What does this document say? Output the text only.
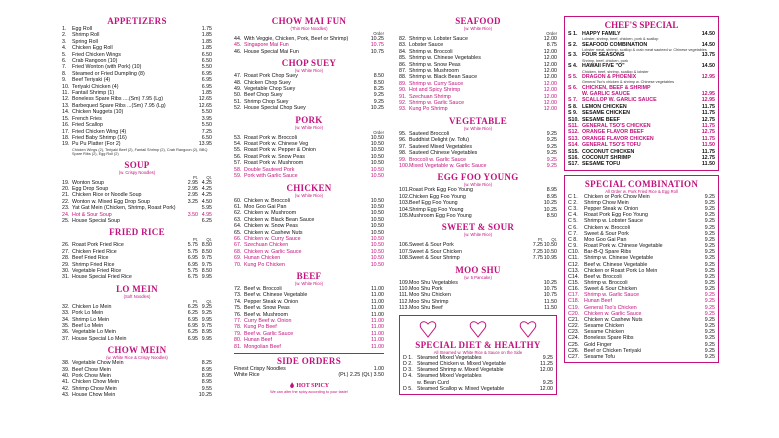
APPETIZERS
1.	Egg Roll	1.75
2.	Shrimp Roll	1.85
3.	Spring Roll	1.85
4.	Chicken Egg Roll	1.85
5.	Fried Chicken Wings	6.50
6.	Crab Rangoon (10)	6.50
7.	Fried Wonton (with Pork) (10)	5.50
8.	Steamed or Fried Dumpling (8)	6.95
9.	Beef Teriyaki (4)	6.95
10. Teriyaki Chicken (4)	6.95
11. Fantail Shrimp (1)	1.85
12. Boneless Spare Ribs ....(Sm) 7.95 (Lg)	12.65
13. Barbequed Spare Ribs ...(Sm) 7.95 (Lg)	12.65
14. Chicken Nuggets (10)	5.50
15. French Fries	3.95
16. Fried Scallop	5.50
17. Fried Chicken Wing (4)	7.25
18. Fried Baby Shrimp (16)	6.50
19. Pu Pu Platter (For 2)	13.95
Chicken Wings (2), Teriyaki Beef (2), Fantail Shrimp (2), Crab Rangoon (2), BBQ Spare Ribs (2), Egg Roll (2)
SOUP
(w. Crispy Noodles)
Pt.	Qt.
19. Wonton Soup	2.95 4.25
20. Egg Drop Soup	2.95 4.25
21. Chicken Rice or Noodle Soup	2.95 4.25
22. Wonton w. Mixed Egg Drop Soup	3.25 4.50
23. Yat Gat Mein (Chicken, Shrimp, Roast Pork)	5.95
24. Hot & Sour Soup	3.50 4.95
25. House Special Soup	6.25
FRIED RICE
Pt.	Qt.
26. Roast Pork Fried Rice	5.75 8.50
27. Chicken Fried Rice	5.75 8.50
28. Beef Fried Rice	6.95 9.75
29. Shrimp Fried Rice	6.95 9.75
30. Vegetable Fried Rice	5.75 8.50
31. House Special Fried Rice	6.75 9.95
LO MEIN
(Soft Noodles)
Pt.	Qt.
32. Chicken Lo Mein	6.25 9.25
33. Pork Lo Mein	6.25 9.25
34. Shrimp Lo Mein	6.95 9.95
35. Beef Lo Mein	6.95 9.75
36. Vegetable Lo Mein	6.25 8.95
37. House Special Lo Mein	6.95 9.95
CHOW MEIN
(w. White Rice & Crispy Noodles)
38. Vegetable Chow Mein	8.25
39. Beef Chow Mein	8.95
40. Pork Chow Mein	8.95
41. Chicken Chow Mein	8.95
42. Shrimp Chow Mein	9.55
43. House Chow Mein	10.25
CHOW MAI FUN
(Thin Rice Noodles)
Order
44. With Veggie, Chicken, Pork, Beef or Shrimp)	10.25
45. Singapore Mai Fun	10.75
46. House Special Mai Fun	10.75
CHOP SUEY
(w. White Rice)
47. Roast Pork Chop Suey	8.50
48. Chicken Chop Suey	8.50
49. Vegetable Chop Suey	8.25
50. Beef Chop Suey	9.25
51. Shrimp Chop Suey	9.25
52. House Special Chop Suey	10.25
PORK
(w. White Rice)
Order
53. Roast Pork w. Broccoli	10.50
54. Roast Pork w. Chinese Veg	10.50
55. Roast Pork w. Pepper & Onion	10.50
56. Roast Pork w. Snow Peas	10.50
57. Roast Pork w. Mushroom	10.50
58. Double Sauteed Pork	10.50
59. Pork with Garlic Sauce	10.50
CHICKEN
(w. White Rice)
60. Chicken w. Broccoli	10.50
61. Moo Goo Gai Pan	10.50
62. Chicken w. Mushroom	10.50
63. Chicken w. Black Bean Sauce	10.50
64. Chicken w. Snow Peas	10.50
65. Chicken w. Cashew Nuts	10.50
66. Chicken w. Curry Sauce	10.50
67. Szechuan Chicken	10.50
68. Chicken w. Garlic Sauce	10.50
69. Hunan Chicken	10.50
70. Kung Po Chicken	10.50
BEEF
(w. White Rice)
72. Beef w. Broccoli	11.00
73. Beef w. Chinese Vegetable	11.00
74. Pepper Steak w. Onion	11.00
75. Beef w. Snow Peas	11.00
76. Beef w. Mushroom	11.00
77. Curry Beef w. Onion	11.00
78. Kung Po Beef	11.00
79. Beef w. Garlic Sauce	11.00
80. Hunan Beef	11.00
81. Mongolian Beef	11.00
SIDE ORDERS
Finest Crispy Noodles	1.00
White Rice	(Pt.) 2.25 (Qt.) 3.50
HOT SPICY
We can alter the spicy according to your taste!
SEAFOOD
(w. White Rice)
Order
82. Shrimp w. Lobster Sauce	12.00
83. Lobster Sauce	8.75
84. Shrimp w. Broccoli	12.00
85. Shrimp w. Chinese Vegetables	12.00
86. Shrimp w. Snow Peas	12.00
87. Shrimp w. Mushroom	12.00
88. Shrimp w. Black Bean Sauce	12.00
89. Shrimp w. Curry Sauce	12.00
90. Hot and Spicy Shrimp	12.00
91. Szechuan Shrimp	12.00
92. Shrimp w. Garlic Sauce	12.00
93. Kung Po Shrimp	12.00
VEGETABLE
(w. White Rice)
95. Sauteed Broccoli	9.25
96. Buddhist Delight (w. Tofu)	9.25
97. Sauteed Mixed Vegetables	9.25
98. Sauteed Chinese Vegetables	9.25
99. Broccoli w. Garlic Sauce	9.25
100. Mixed Vegetable w. Garlic Sauce	9.25
EGG FOO YOUNG
(w. White Rice)
101. Roast Pork Egg Foo Young	8.95
102. Chicken Egg Foo Young	8.95
103. Beef Egg Foo Young	10.25
104. Shrimp Egg Foo Young	10.25
105. Mushroom Egg Foo Young	8.50
SWEET & SOUR
(w. White Rice)
Pt.	Qt.
106. Sweet & Sour Pork	7.25 10.50
107. Sweet & Sour Chicken	7.25 10.50
108. Sweet & Sour Shrimp	7.75 10.95
MOO SHU
(w. 5 Pancake)
109. Moo Shu Vegetables	10.25
110. Moo Shu Pork	10.75
111. Moo Shu Chicken	10.75
112. Moo Shu Shrimp	11.50
113. Moo Shu Beef	11.50
SPECIAL DIET & HEALTHY
All Steamed w. White Rice & Sauce on the Side
D 1. Steamed Mixed Vegetables	9.25
D 2. Steamed Chicken w. Mixed Vegetable	11.25
D 3. Steamed Shrimp w. Mixed Vegetable	12.00
D 4. Steamed Mixed Vegetables
w. Bean Curd	9.25
D 5. Steamed Scallop w. Mixed Vegetable	12.00
CHEF'S SPECIAL
S 1. HAPPY FAMILY	14.50
Lobster, shrimp, beef, chicken, pork & scallop
S 2. SEAFOOD COMBINATION	14.50
Lobster meat, shrimp, scallop & crab meat sauteed w. Chinese vegetables
S 3. FOUR SEASONS	13.75
Shrimp, beef, chicken, pork
S 4. HAWAII FIVE "O"	14.50
Chicken, beef, shrimp, scallop & lobster
S 5. DRAGON & PHOENIX	12.95
General Tso's chicken & shrimp w. Chinese vegetables
S 6. CHICKEN, BEEF & SHRIMP
W. GARLIC SAUCE	12.95
S 7. SCALLOP W. GARLIC SAUCE	12.95
S 8. LEMON CHICKEN	11.75
S 9. SESAME CHICKEN	11.75
S10. SESAME BEEF	12.75
S11. GENERAL TSO'S CHICKEN	11.75
S12. ORANGE FLAVOR BEEF	12.75
S13. ORANGE FLAVOR CHICKEN	11.75
S14. GENERAL TSO'S TOFU	11.50
S15. COCONUT CHICKEN	11.75
S16. COCONUT SHRIMP	12.75
S17. SESAME TOFU	11.50
SPECIAL COMBINATION
All Order w. Pork Fried Rice & Egg Roll
C 1.	Chicken or Pork Chow Mein	9.25
C 2.	Shrimp Chow Mein	9.25
C 3.	Pepper Steak w. Onion	9.25
C 4.	Roast Pork Egg Foo Young	9.25
C 5.	Shrimp w. Lobster Sauce	9.25
C 6.	Chicken w. Broccoli	9.25
C 7.	Sweet & Sour Pork	9.25
C 8.	Moo Goo Gai Pan	9.25
C 9.	Roast Pork w. Chinese Vegetable	9.25
C10. Bar-B-Q Spare Ribs	9.25
C11. Shrimp w. Chinese Vegetable	9.25
C12. Beef w. Chinese Vegetable	9.25
C13. Chicken or Roast Pork Lo Mein	9.25
C14. Beef w. Broccoli	9.25
C15. Shrimp w. Broccoli	9.25
C16. Sweet & Sour Chicken	9.25
C17. Shrimp w. Garlic Sauce	9.25
C18. Hunan Beef	9.25
C19. General Tso's Chicken	9.25
C20. Chicken w. Garlic Sauce	9.25
C21. Chicken w. Cashew Nuts	9.25
C22. Sesame Chicken	9.25
C23. Sesame Chicken	9.25
C24. Boneless Spare Ribs	9.25
C25. Gold Finger	9.25
C26. Beef or Chicken Teriyaki	9.25
C27. Sesame Tofu	9.25
